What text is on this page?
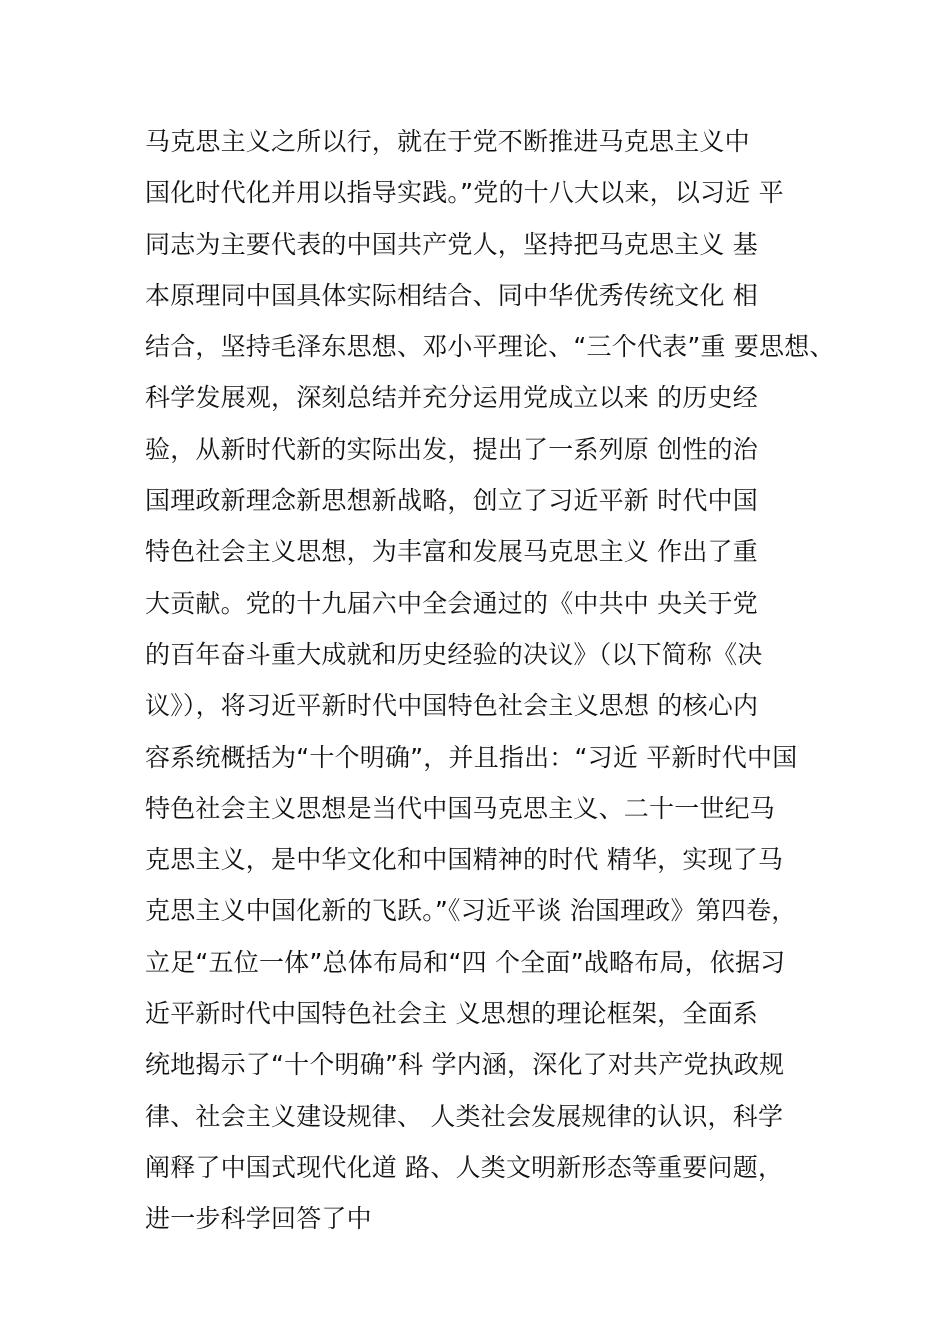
马克思主义之所以行，就在于党不断推进马克思主义中
国化时代化并用以指导实践。”党的十八大以来，以习近 平
同志为主要代表的中国共产党人，坚持把马克思主义 基
本原理同中国具体实际相结合、同中华优秀传统文化 相
结合，坚持毛泽东思想、邓小平理论、“三个代表”重 要思想、
科学发展观，深刻总结并充分运用党成立以来 的历史经
验，从新时代新的实际出发，提出了一系列原 创性的治
国理政新理念新思想新战略，创立了习近平新 时代中国
特色社会主义思想，为丰富和发展马克思主义 作出了重
大贡献。党的十九届六中全会通过的《中共中 央关于党
的百年奋斗重大成就和历史经验的决议》（以下简称《决
议》），将习近平新时代中国特色社会主义思想 的核心内
容系统概括为“十个明确”，并且指出：“习近 平新时代中国
特色社会主义思想是当代中国马克思主义、二十一世纪马
克思主义，是中华文化和中国精神的时代 精华，实现了马
克思主义中国化新的飞跃。”《习近平谈 治国理政》第四卷，
立足“五位一体”总体布局和“四 个全面”战略布局，依据习
近平新时代中国特色社会主 义思想的理论框架，全面系
统地揭示了“十个明确”科 学内涵，深化了对共产党执政规
律、社会主义建设规律、 人类社会发展规律的认识，科学
阐释了中国式现代化道 路、人类文明新形态等重要问题，
进一步科学回答了中
